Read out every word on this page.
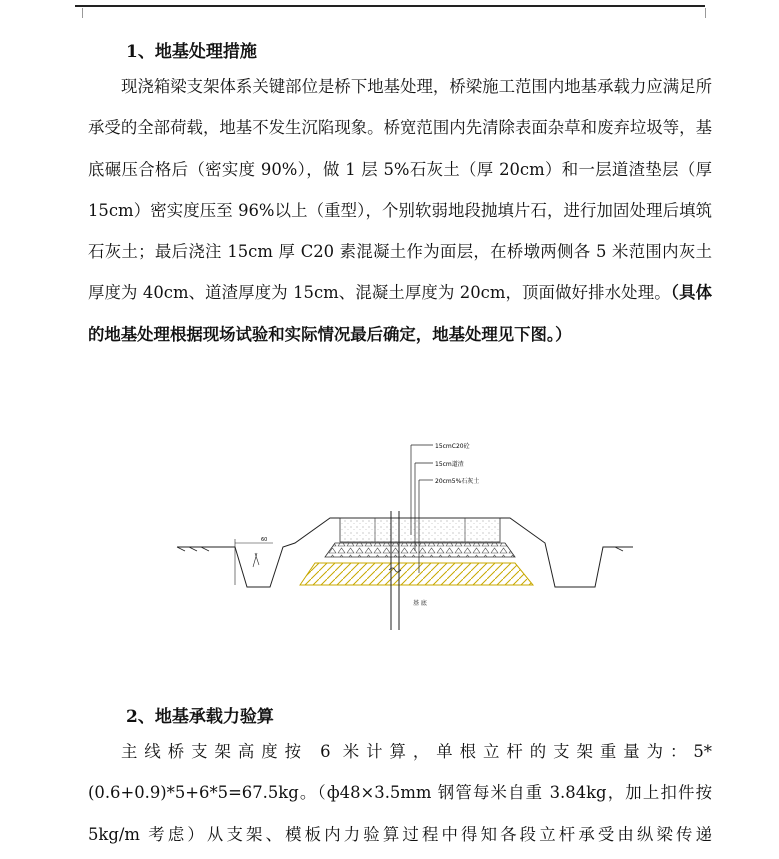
1、地基处理措施

现浇箱梁支架体系关键部位是桥下地基处理，桥梁施工范围内地基承载力应满足所承受的全部荷载，地基不发生沉陷现象。桥宽范围内先清除表面杂草和废弃垃圾等，基底碾压合格后（密实度 90%），做 1 层 5%石灰土（厚 20cm）和一层道渣垫层（厚 15cm）密实度压至 96%以上（重型），个别软弱地段抛填片石，进行加固处理后填筑石灰土；最后浇注 15cm 厚 C20 素混凝土作为面层，在桥墩两侧各 5 米范围内灰土厚度为 40cm、道渣厚度为 15cm、混凝土厚度为 20cm，顶面做好排水处理。（具体的地基处理根据现场试验和实际情况最后确定，地基处理见下图。）

15cmC20砼
15cm道渣
20cm5%石灰土
60
基 底
2、地基承载力验算

主线桥支架高度按 6 米计算，单根立杆的支架重量为：5*(0.6+0.9)*5+6*5=67.5kg。（ф48×3.5mm 钢管每米自重 3.84kg，加上扣件按 5kg/m 考虑）从支架、模板内力验算过程中得知各段立杆承受由纵梁传递
